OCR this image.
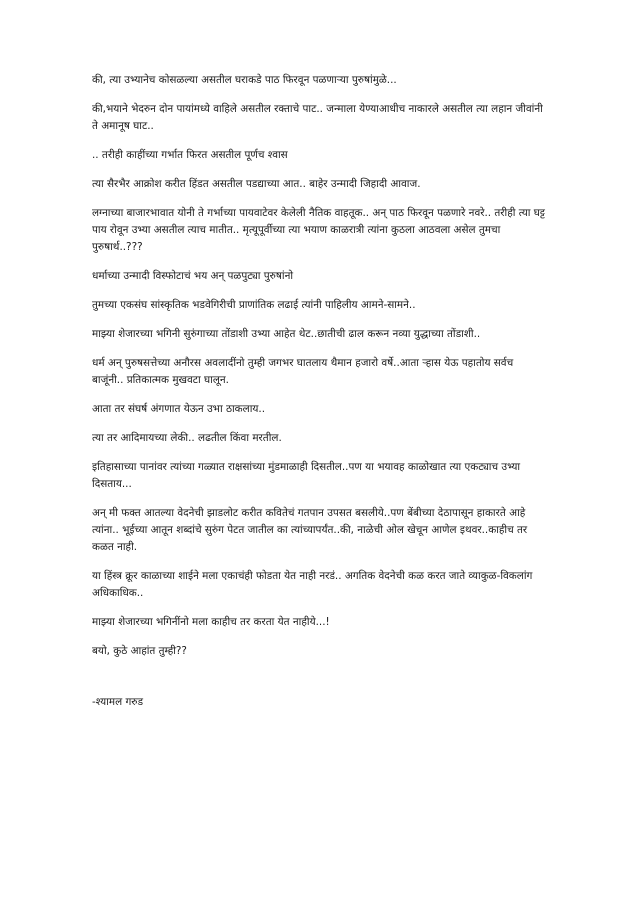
की, त्या उभ्यानेच कोसळल्या असतील घराकडे पाठ फिरवून पळणार्‍या पुरुषांमुळे...

की,भयाने भेदरुन दोन पायांमध्ये वाहिले असतील रक्ताचे पाट.. जन्माला येण्याआधीच नाकारले असतील त्या लहान जीवांनी ते अमानूष घाट..

.. तरीही काहींच्या गर्भात फिरत असतील पूर्णच श्वास

त्या सैरभैर आक्रोश करीत हिंडत असतील पडद्याच्या आत.. बाहेर उन्मादी जिहादी आवाज.

लग्नाच्या बाजारभावात योनी ते गर्भाच्या पायवाटेवर केलेली नैतिक वाहतूक.. अन् पाठ फिरवून पळणारे नवरे.. तरीही त्या घट्ट पाय रोवून उभ्या असतील त्याच मातीत.. मृत्यूपूर्वीच्या त्या भयाण काळरात्री त्यांना कुठला आठवला असेल तुमचा पुरुषार्थ..???

धर्माच्या उन्मादी विस्फोटाचं भय अन् पळपुट्या पुरुषांनो

तुमच्या एकसंघ सांस्कृतिक भडवेगिरीची प्राणांतिक लढाई त्यांनी पाहिलीय आमने-सामने..

माझ्या शेजारच्या भगिनी सुरुंगाच्या तोंडाशी उभ्या आहेत थेट..छातीची ढाल करून नव्या युद्धाच्या तोंडाशी..

धर्म अन् पुरुषसत्तेच्या अनौरस अवलादींनो तुम्ही जगभर घातलाय थैमान हजारो वर्षे..आता र्‍हास येऊ पहातोय सर्वच बाजूंनी.. प्रतिकात्मक मुखवटा घालून.

आता तर संघर्ष अंगणात येऊन उभा ठाकलाय..

त्या तर आदिमायच्या लेकी.. लढतील किंवा मरतील.

इतिहासाच्या पानांवर त्यांच्या गळ्यात राक्षसांच्या मुंडमाळाही दिसतील..पण या भयावह काळोखात त्या एकट्याच उभ्या दिसताय...

अन् मी फक्त आतल्या वेदनेची झाडलोट करीत कवितेचं गतपान उपसत बसलीये..पण बेंबीच्या देठापासून हाकारते आहे त्यांना.. भूईच्या आतून शब्दांचे सुरुंग पेटत जातील का त्यांच्यापर्यंत..की, नाळेची ओल खेचून आणेल इथवर..काहीच तर कळत नाही.

या हिंस्त्र क्रूर काळाच्या शाईने मला एकाचंही फोडता येत नाही नरडं.. अगतिक वेदनेची कळ करत जाते व्याकुळ-विकलांग अधिकाधिक..

माझ्या शेजारच्या भगिनींनो मला काहीच तर करता येत नाहीये...!

बयो, कुठे आहांत तुम्ही??

-श्यामल गरुड
